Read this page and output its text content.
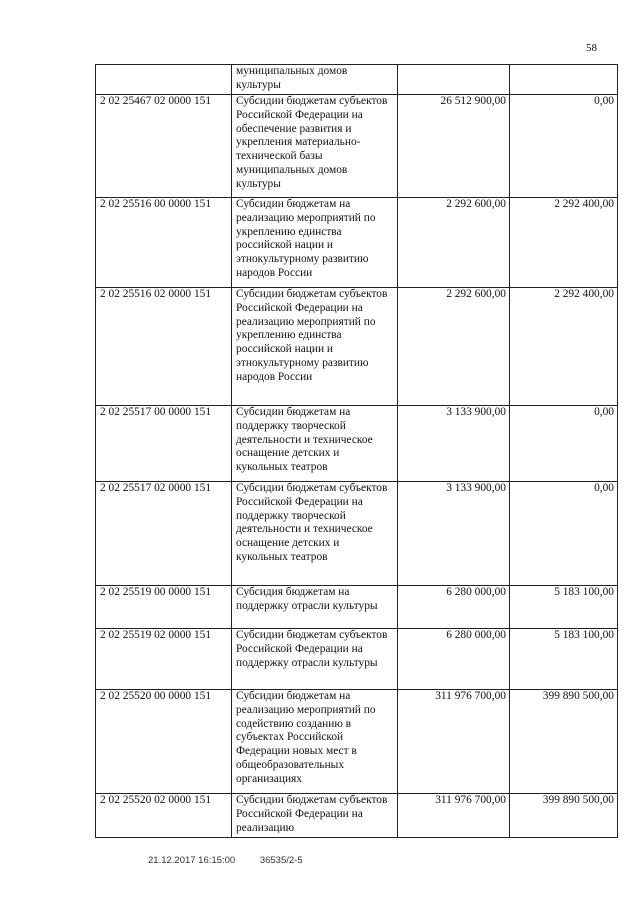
58
	муниципальных домов культуры		
2 02 25467 02 0000 151	Субсидии бюджетам субъектов Российской Федерации на обеспечение развития и укрепления материально-технической базы муниципальных домов культуры	26 512 900,00	0,00
2 02 25516 00 0000 151	Субсидии бюджетам на реализацию мероприятий по укреплению единства российской нации и этнокультурному развитию народов России	2 292 600,00	2 292 400,00
2 02 25516 02 0000 151	Субсидии бюджетам субъектов Российской Федерации на реализацию мероприятий по укреплению единства российской нации и этнокультурному развитию народов России	2 292 600,00	2 292 400,00
2 02 25517 00 0000 151	Субсидии бюджетам на поддержку творческой деятельности и техническое оснащение детских и кукольных театров	3 133 900,00	0,00
2 02 25517 02 0000 151	Субсидии бюджетам субъектов Российской Федерации на поддержку творческой деятельности и техническое оснащение детских и кукольных театров	3 133 900,00	0,00
2 02 25519 00 0000 151	Субсидия бюджетам на поддержку отрасли культуры	6 280 000,00	5 183 100,00
2 02 25519 02 0000 151	Субсидии бюджетам субъектов Российской Федерации на поддержку отрасли культуры	6 280 000,00	5 183 100,00
2 02 25520 00 0000 151	Субсидии бюджетам на реализацию мероприятий по содействию созданию в субъектах Российской Федерации новых мест в общеобразовательных организациях	311 976 700,00	399 890 500,00
2 02 25520 02 0000 151	Субсидии бюджетам субъектов Российской Федерации на реализацию	311 976 700,00	399 890 500,00
21.12.2017 16:15:00	36535/2-5
